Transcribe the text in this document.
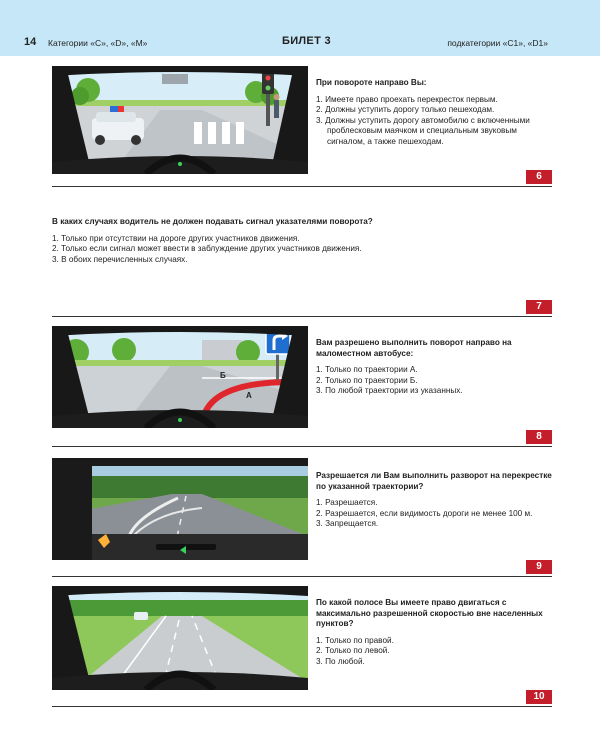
14 Категории «С», «D», «M»	БИЛЕТ 3	подкатегории «C1», «D1»

При повороте направо Вы:

1. Имеете право проехать перекресток первым.
2. Должны уступить дорогу только пешеходам.
3. Должны уступить дорогу автомобилю с включенными проблесковым маячком и специальным звуковым сигналом, а также пешеходам.
6

В каких случаях водитель не должен подавать сигнал указателями поворота?

1. Только при отсутствии на дороге других участников движения.
2. Только если сигнал может ввести в заблуждение других участников движения.
3. В обоих перечисленных случаях.
7
Б
А

Вам разрешено выполнить поворот направо на маломестном автобусе:

1. Только по траектории А.
2. Только по траектории Б.
3. По любой траектории из указанных.
8

Разрешается ли Вам выполнить разворот на перекрестке по указанной траектории?

1. Разрешается.
2. Разрешается, если видимость дороги не менее 100 м.
3. Запрещается.
9

По какой полосе Вы имеете право двигаться с максимально разрешенной скоростью вне населенных пунктов?

1. Только по правой.
2. Только по левой.
3. По любой.
10
